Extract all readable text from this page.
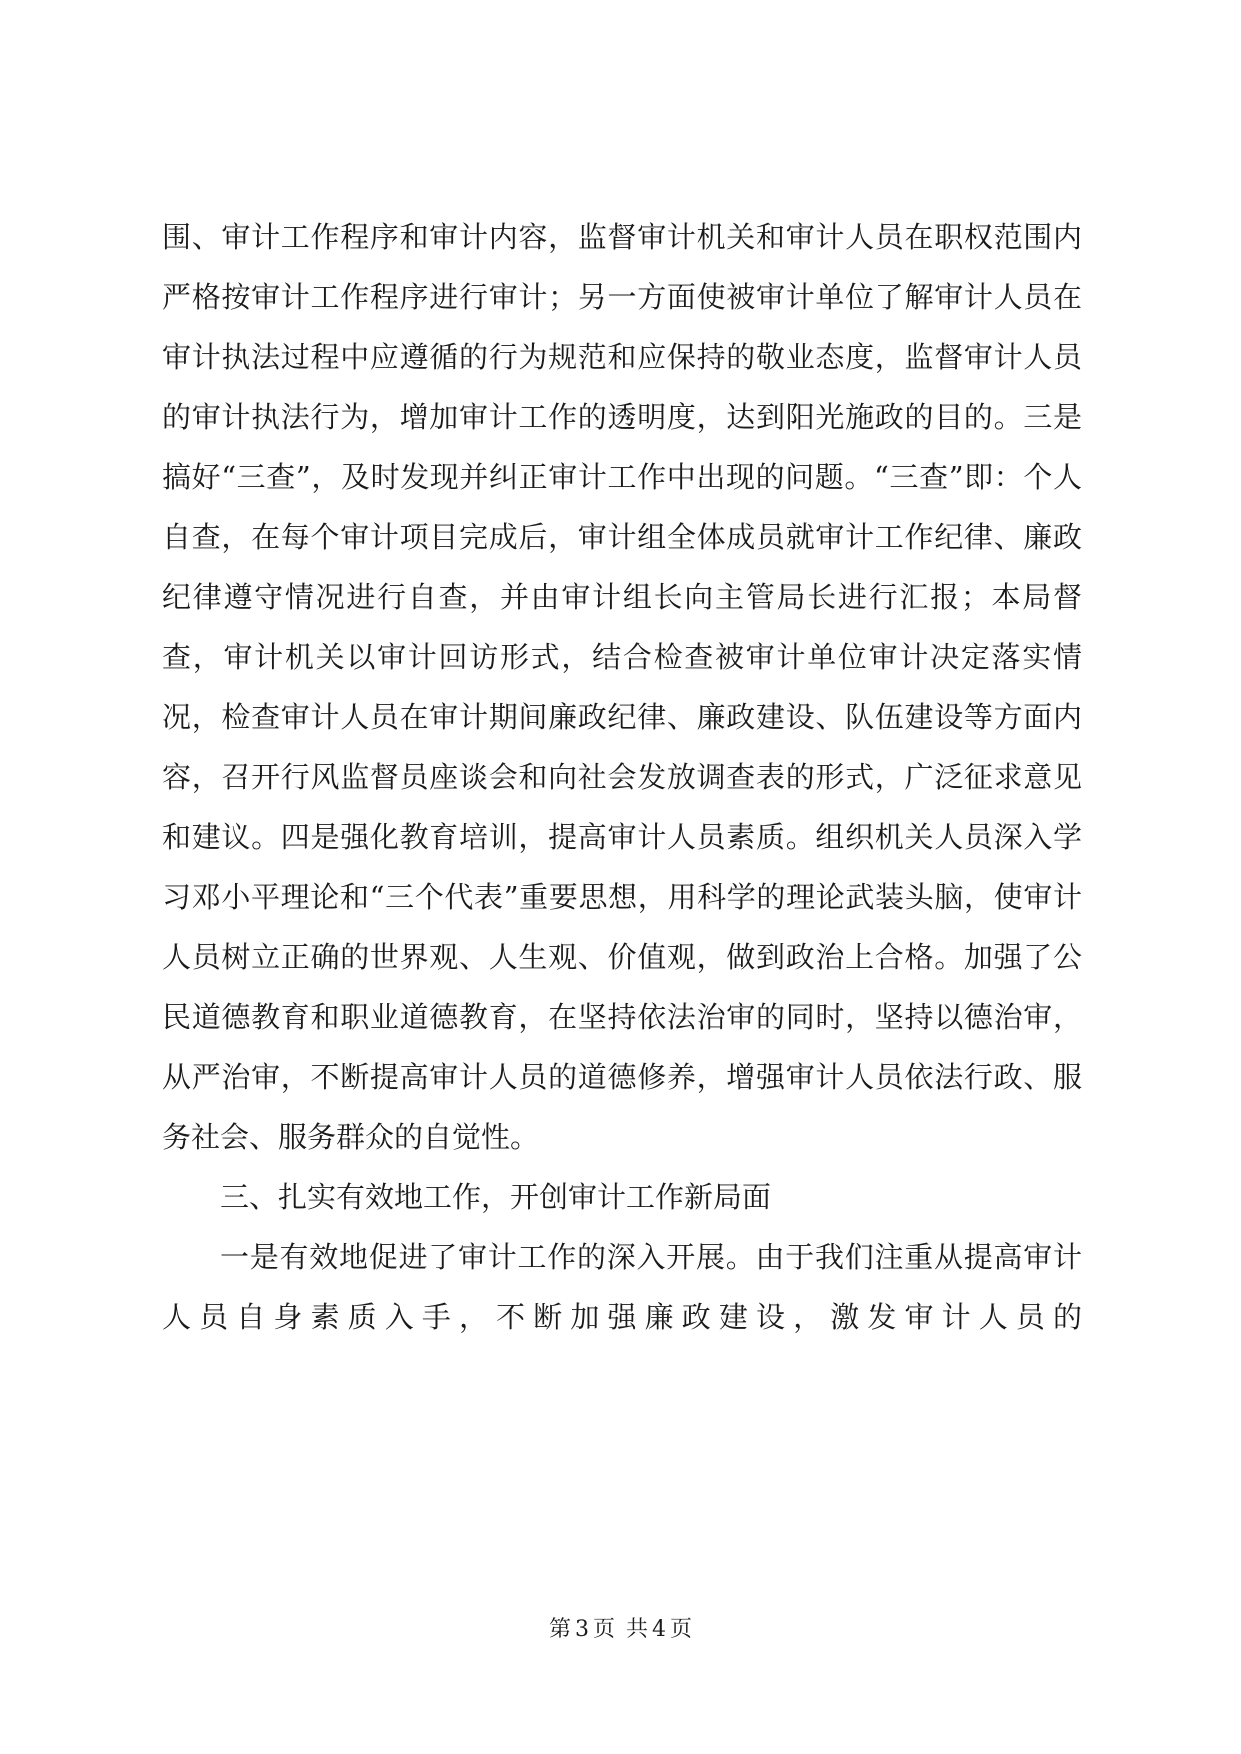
围、审计工作程序和审计内容，监督审计机关和审计人员在职权范围内严格按审计工作程序进行审计；另一方面使被审计单位了解审计人员在审计执法过程中应遵循的行为规范和应保持的敬业态度，监督审计人员的审计执法行为，增加审计工作的透明度，达到阳光施政的目的。三是搞好“三查”，及时发现并纠正审计工作中出现的问题。“三查”即：个人自查，在每个审计项目完成后，审计组全体成员就审计工作纪律、廉政纪律遵守情况进行自查，并由审计组长向主管局长进行汇报；本局督查，审计机关以审计回访形式，结合检查被审计单位审计决定落实情况，检查审计人员在审计期间廉政纪律、廉政建设、队伍建设等方面内容，召开行风监督员座谈会和向社会发放调查表的形式，广泛征求意见和建议。四是强化教育培训，提高审计人员素质。组织机关人员深入学习邓小平理论和“三个代表”重要思想，用科学的理论武装头脑，使审计人员树立正确的世界观、人生观、价值观，做到政治上合格。加强了公民道德教育和职业道德教育，在坚持依法治审的同时，坚持以德治审，从严治审，不断提高审计人员的道德修养，增强审计人员依法行政、服务社会、服务群众的自觉性。

三、扎实有效地工作，开创审计工作新局面

一是有效地促进了审计工作的深入开展。由于我们注重从提高审计人员自身素质入手，不断加强廉政建设，激发审计人员的

第 3 页 共 4 页
